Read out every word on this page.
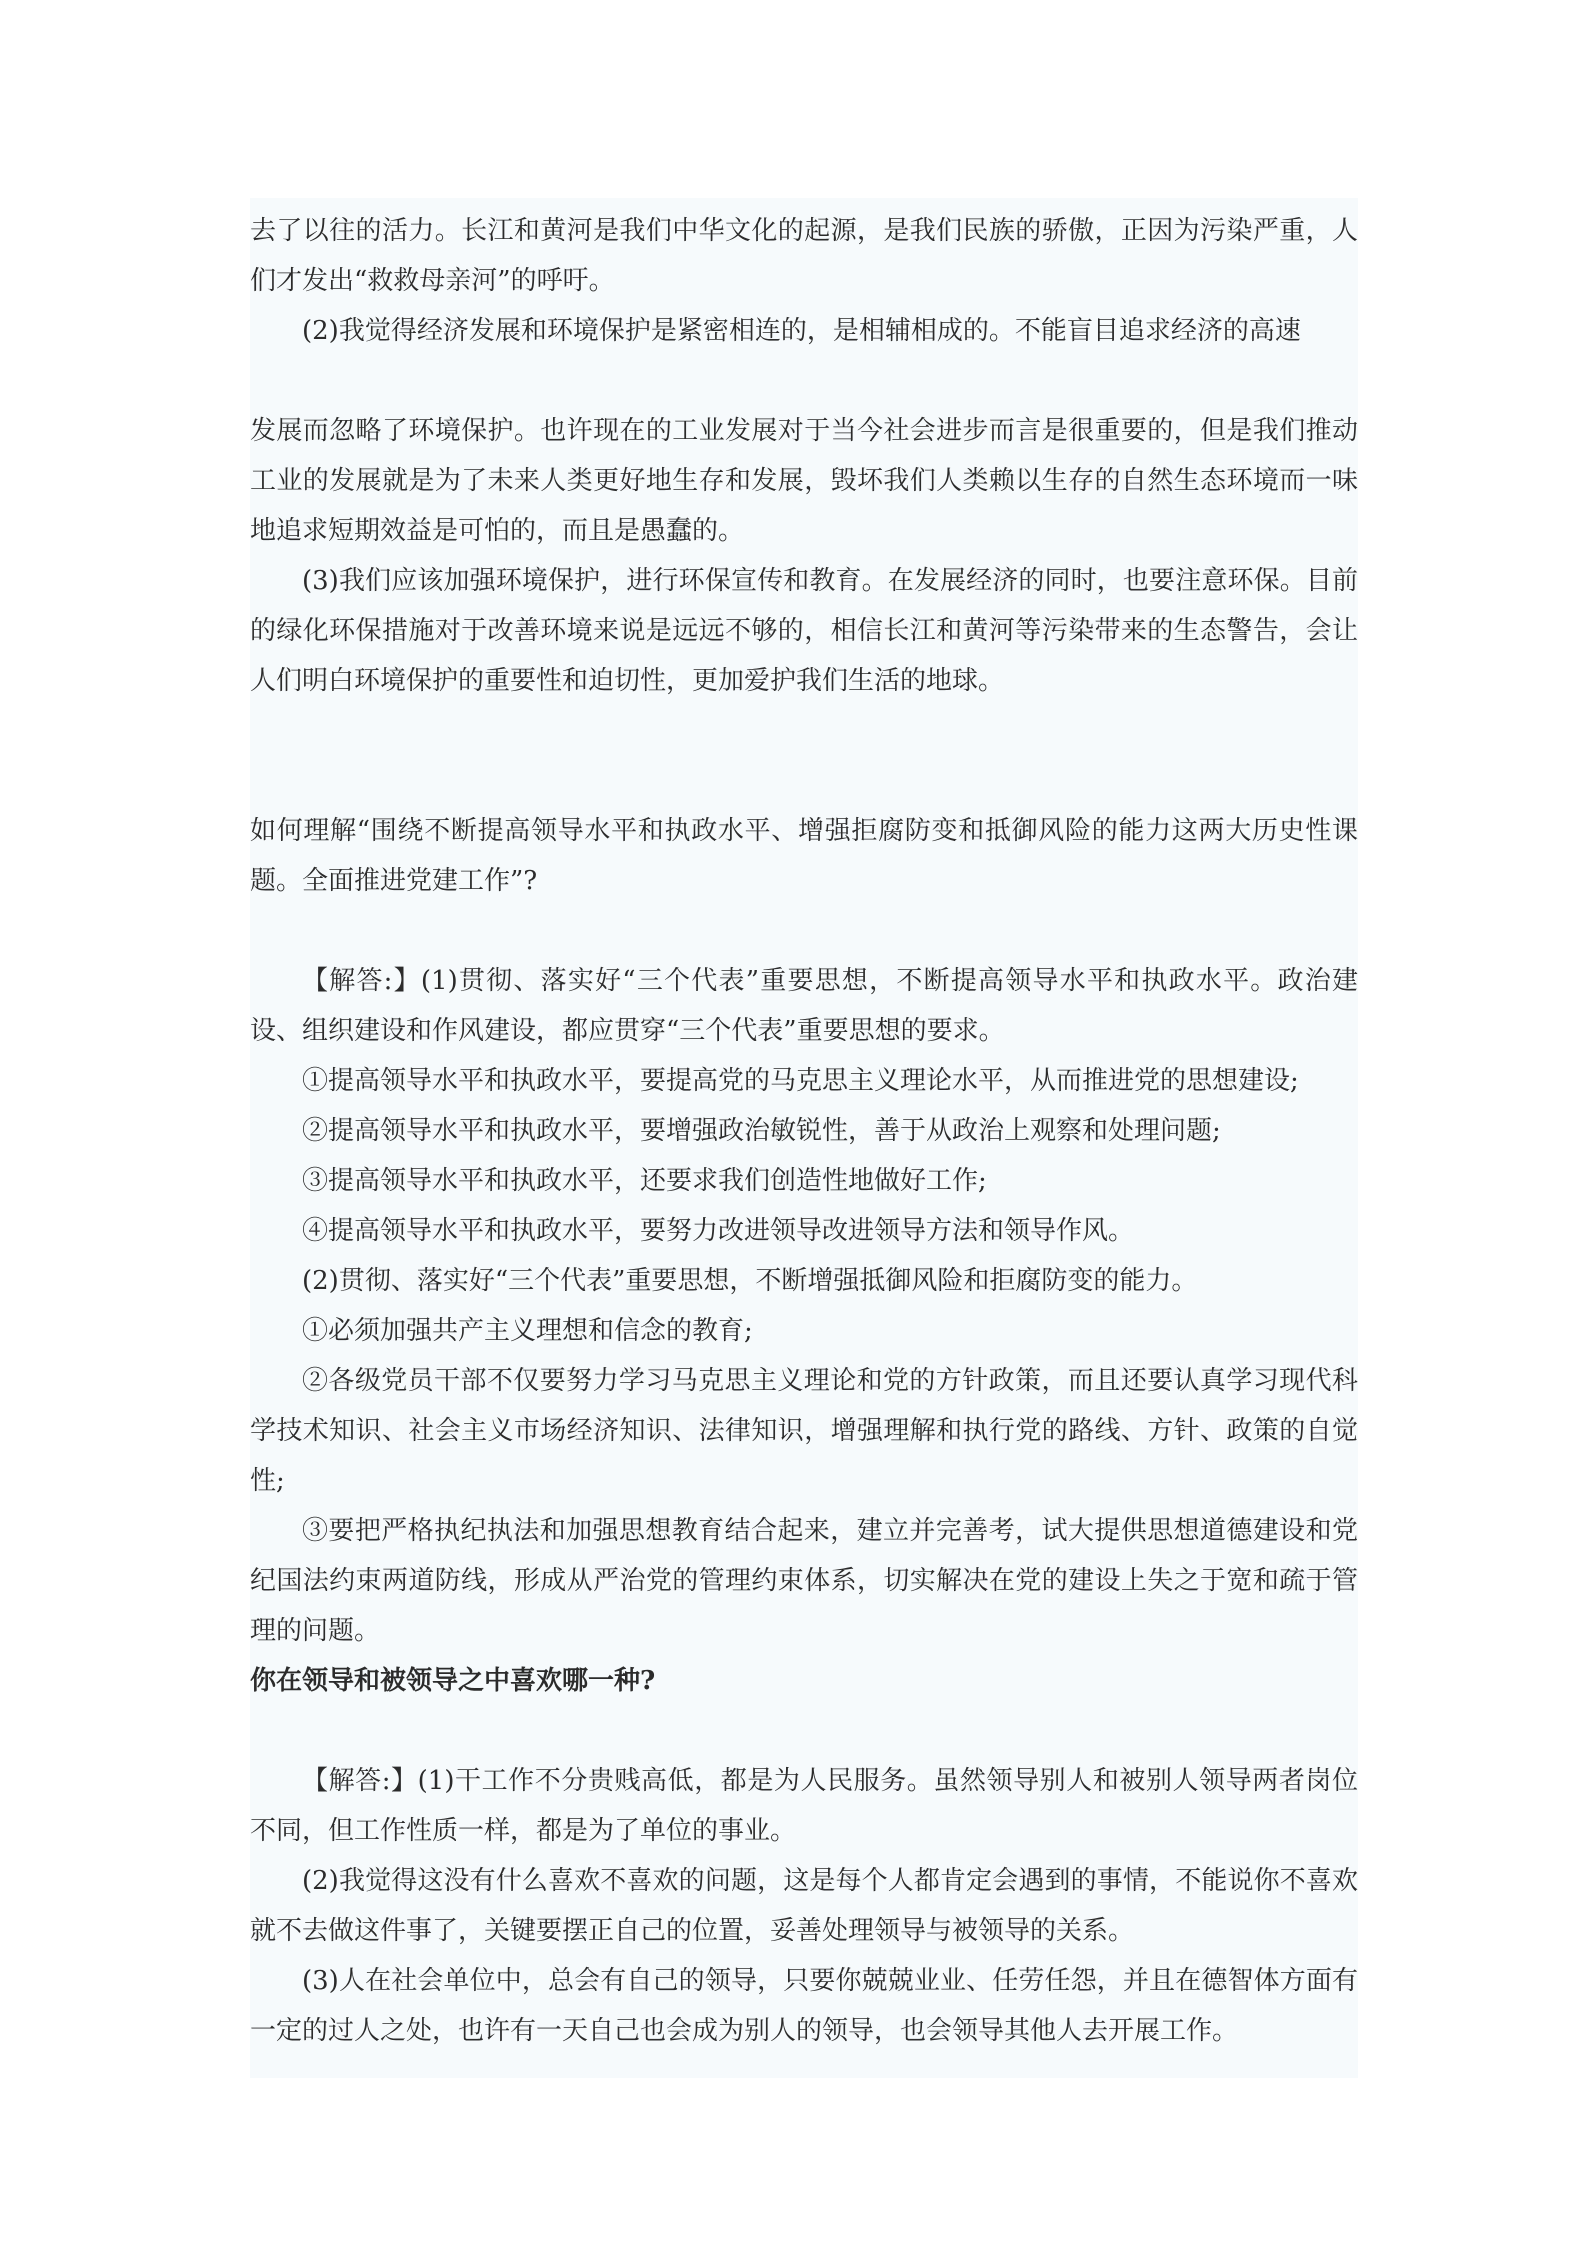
去了以往的活力。长江和黄河是我们中华文化的起源，是我们民族的骄傲，正因为污染严重，人们才发出“救救母亲河”的呼吁。

(2)我觉得经济发展和环境保护是紧密相连的，是相辅相成的。不能盲目追求经济的高速

发展而忽略了环境保护。也许现在的工业发展对于当今社会进步而言是很重要的，但是我们推动工业的发展就是为了未来人类更好地生存和发展，毁坏我们人类赖以生存的自然生态环境而一味地追求短期效益是可怕的，而且是愚蠢的。

(3)我们应该加强环境保护，进行环保宣传和教育。在发展经济的同时，也要注意环保。目前的绿化环保措施对于改善环境来说是远远不够的，相信长江和黄河等污染带来的生态警告，会让人们明白环境保护的重要性和迫切性，更加爱护我们生活的地球。

如何理解“围绕不断提高领导水平和执政水平、增强拒腐防变和抵御风险的能力这两大历史性课题。全面推进党建工作”?

【解答:】(1)贯彻、落实好“三个代表”重要思想，不断提高领导水平和执政水平。政治建设、组织建设和作风建设，都应贯穿“三个代表”重要思想的要求。

①提高领导水平和执政水平，要提高党的马克思主义理论水平，从而推进党的思想建设;

②提高领导水平和执政水平，要增强政治敏锐性，善于从政治上观察和处理问题;

③提高领导水平和执政水平，还要求我们创造性地做好工作;

④提高领导水平和执政水平，要努力改进领导改进领导方法和领导作风。

(2)贯彻、落实好“三个代表”重要思想，不断增强抵御风险和拒腐防变的能力。

①必须加强共产主义理想和信念的教育;

②各级党员干部不仅要努力学习马克思主义理论和党的方针政策，而且还要认真学习现代科学技术知识、社会主义市场经济知识、法律知识，增强理解和执行党的路线、方针、政策的自觉性;

③要把严格执纪执法和加强思想教育结合起来，建立并完善考，试大提供思想道德建设和党纪国法约束两道防线，形成从严治党的管理约束体系，切实解决在党的建设上失之于宽和疏于管理的问题。

你在领导和被领导之中喜欢哪一种?

【解答:】(1)干工作不分贵贱高低，都是为人民服务。虽然领导别人和被别人领导两者岗位不同，但工作性质一样，都是为了单位的事业。

(2)我觉得这没有什么喜欢不喜欢的问题，这是每个人都肯定会遇到的事情，不能说你不喜欢就不去做这件事了，关键要摆正自己的位置，妥善处理领导与被领导的关系。

(3)人在社会单位中，总会有自己的领导，只要你兢兢业业、任劳任怨，并且在德智体方面有一定的过人之处，也许有一天自己也会成为别人的领导，也会领导其他人去开展工作。
